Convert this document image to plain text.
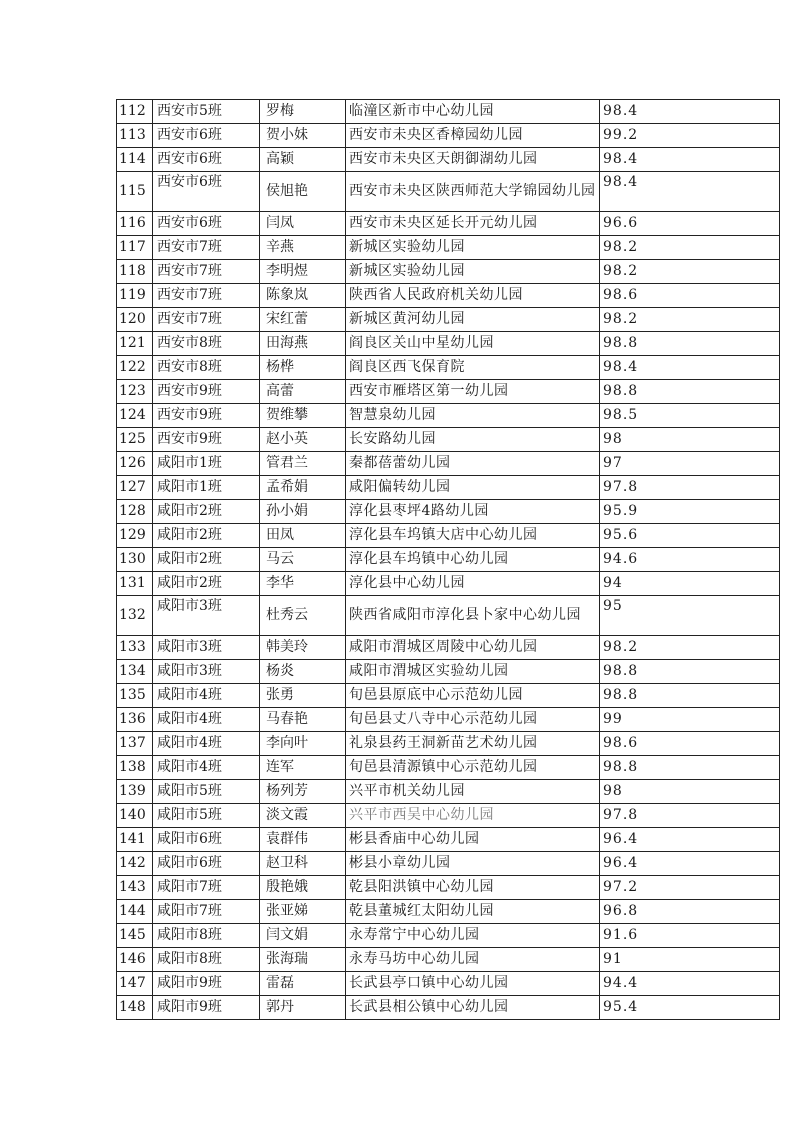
112	西安市5班	罗梅	临潼区新市中心幼儿园	98.4
113	西安市6班	贺小妹	西安市未央区香樟园幼儿园	99.2
114	西安市6班	高颖	西安市未央区天朗御湖幼儿园	98.4
115	西安市6班	侯旭艳	西安市未央区陕西师范大学锦园幼儿园	98.4
116	西安市6班	闫凤	西安市未央区延长开元幼儿园	96.6
117	西安市7班	辛燕	新城区实验幼儿园	98.2
118	西安市7班	李明煜	新城区实验幼儿园	98.2
119	西安市7班	陈象岚	陕西省人民政府机关幼儿园	98.6
120	西安市7班	宋红蕾	新城区黄河幼儿园	98.2
121	西安市8班	田海燕	阎良区关山中星幼儿园	98.8
122	西安市8班	杨桦	阎良区西飞保育院	98.4
123	西安市9班	高蕾	西安市雁塔区第一幼儿园	98.8
124	西安市9班	贺维攀	智慧泉幼儿园	98.5
125	西安市9班	赵小英	长安路幼儿园	98
126	咸阳市1班	管君兰	秦都蓓蕾幼儿园	97
127	咸阳市1班	孟希娟	咸阳偏转幼儿园	97.8
128	咸阳市2班	孙小娟	淳化县枣坪4路幼儿园	95.9
129	咸阳市2班	田凤	淳化县车坞镇大店中心幼儿园	95.6
130	咸阳市2班	马云	淳化县车坞镇中心幼儿园	94.6
131	咸阳市2班	李华	淳化县中心幼儿园	94
132	咸阳市3班	杜秀云	陕西省咸阳市淳化县卜家中心幼儿园	95
133	咸阳市3班	韩美玲	咸阳市渭城区周陵中心幼儿园	98.2
134	咸阳市3班	杨炎	咸阳市渭城区实验幼儿园	98.8
135	咸阳市4班	张勇	旬邑县原底中心示范幼儿园	98.8
136	咸阳市4班	马春艳	旬邑县丈八寺中心示范幼儿园	99
137	咸阳市4班	李向叶	礼泉县药王洞新苗艺术幼儿园	98.6
138	咸阳市4班	连军	旬邑县清源镇中心示范幼儿园	98.8
139	咸阳市5班	杨列芳	兴平市机关幼儿园	98
140	咸阳市5班	淡文霞	兴平市西吴中心幼儿园	97.8
141	咸阳市6班	袁群伟	彬县香庙中心幼儿园	96.4
142	咸阳市6班	赵卫科	彬县小章幼儿园	96.4
143	咸阳市7班	殷艳娥	乾县阳洪镇中心幼儿园	97.2
144	咸阳市7班	张亚娣	乾县董城红太阳幼儿园	96.8
145	咸阳市8班	闫文娟	永寿常宁中心幼儿园	91.6
146	咸阳市8班	张海瑞	永寿马坊中心幼儿园	91
147	咸阳市9班	雷磊	长武县亭口镇中心幼儿园	94.4
148	咸阳市9班	郭丹	长武县相公镇中心幼儿园	95.4
